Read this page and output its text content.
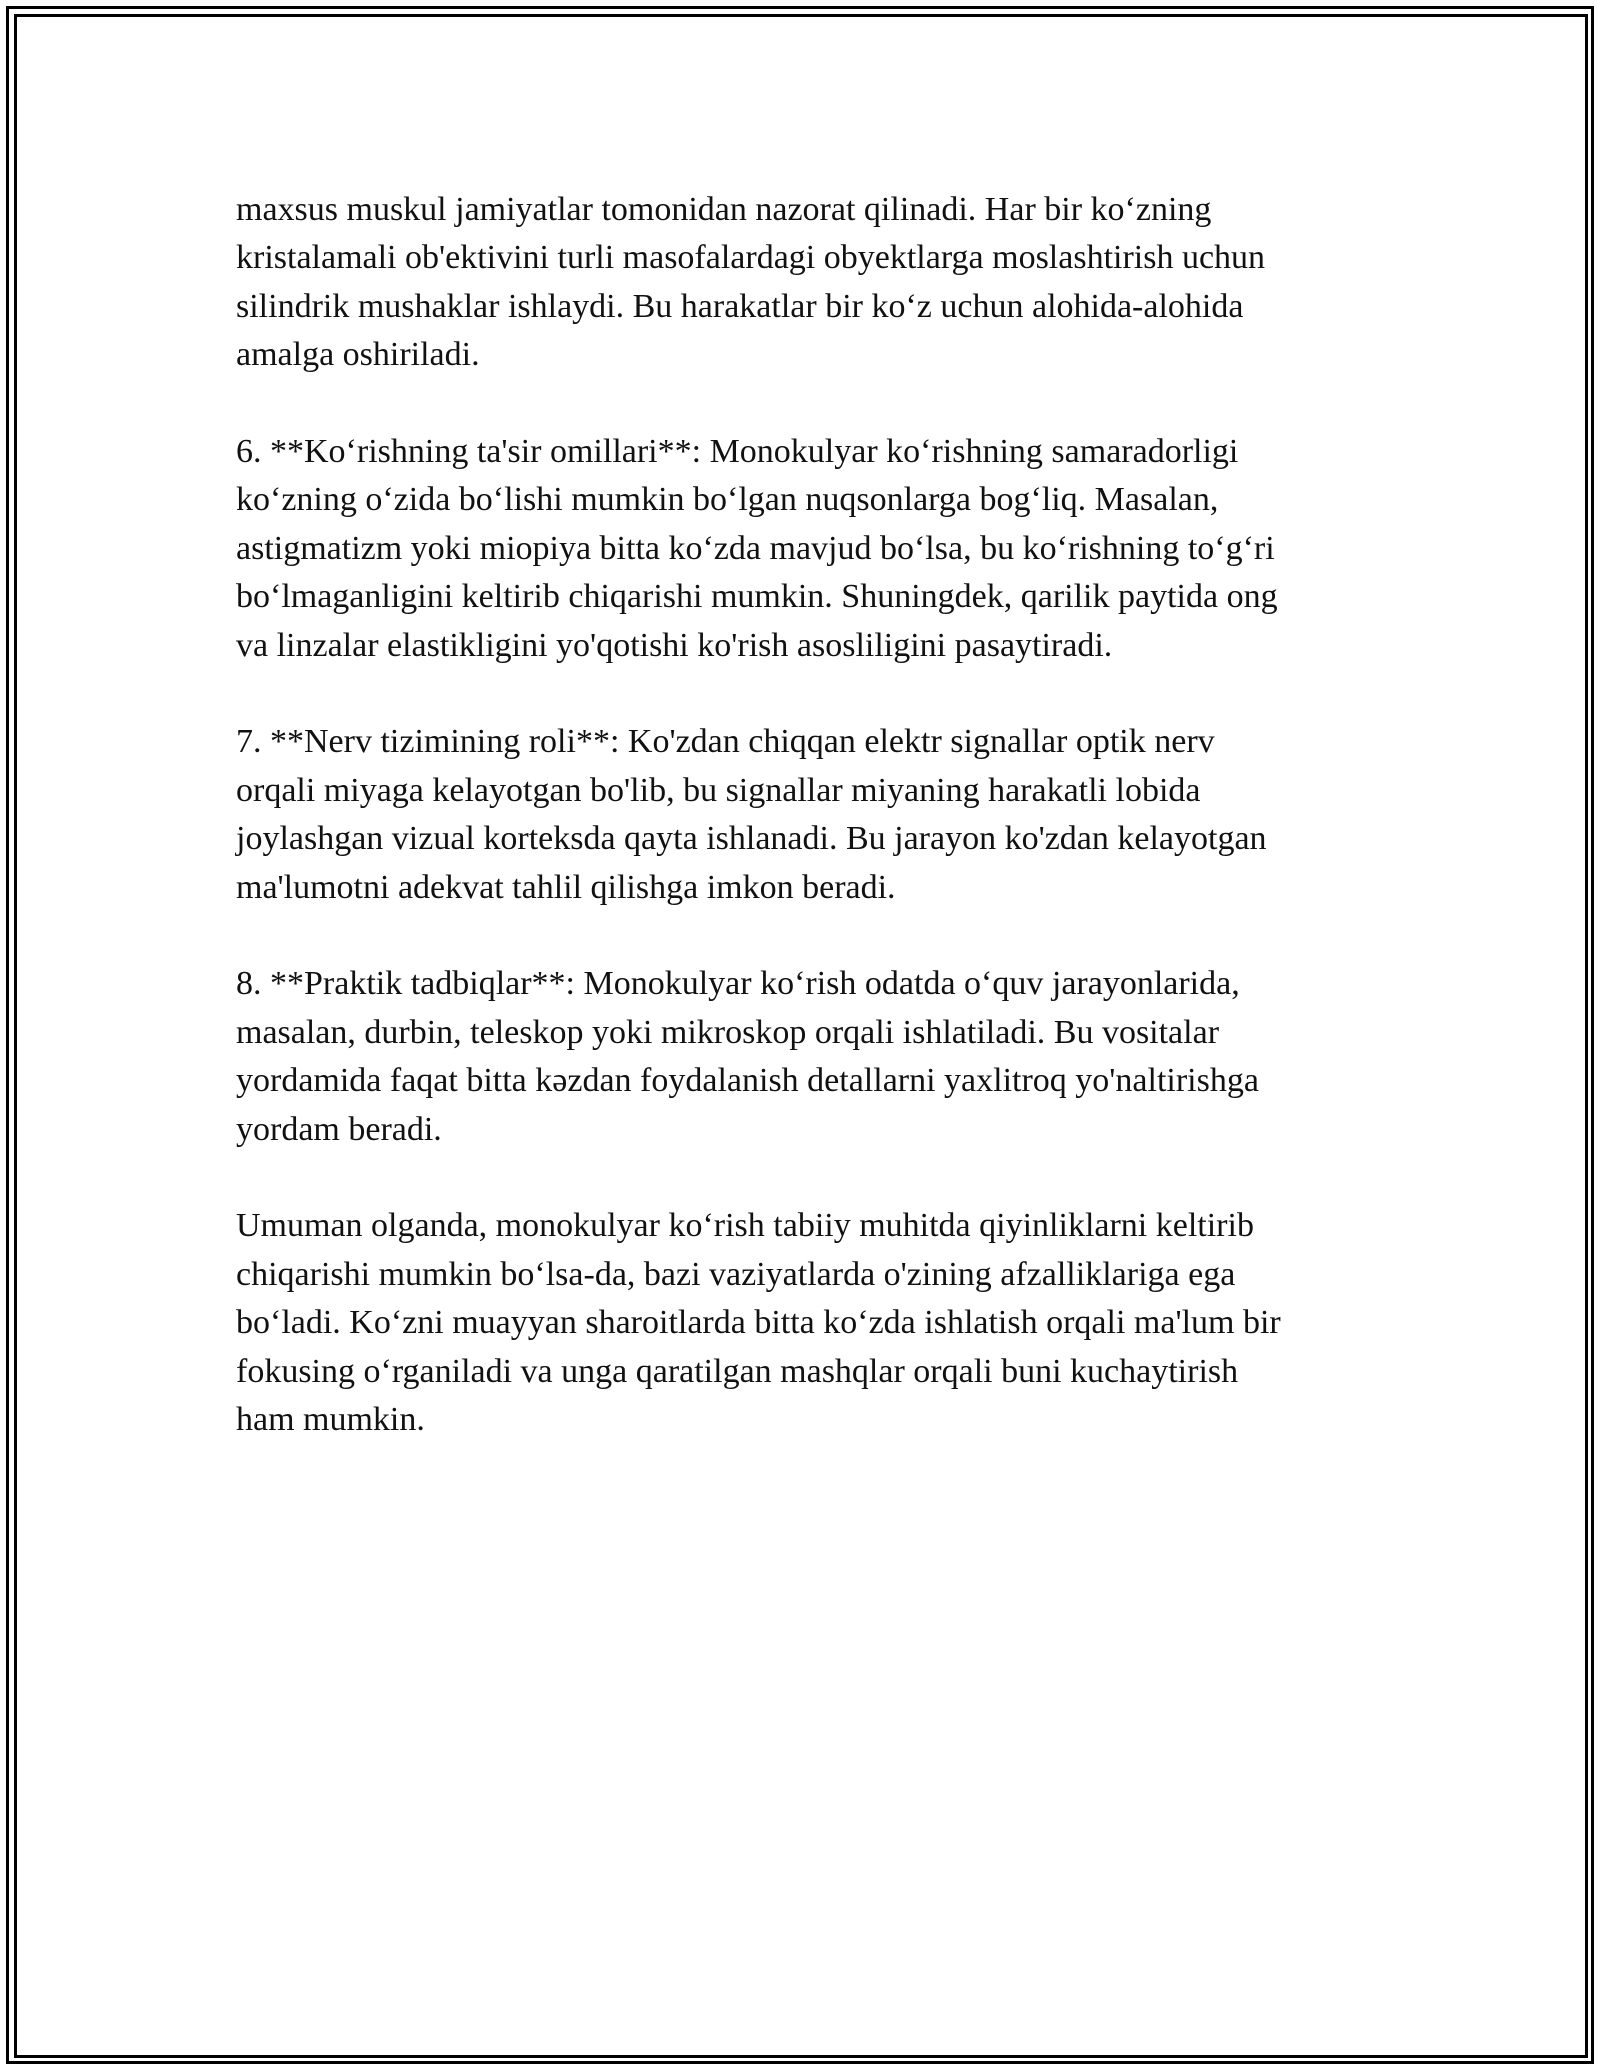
maxsus muskul jamiyatlar tomonidan nazorat qilinadi. Har bir koʻzning
kristalamali ob'ektivini turli masofalardagi obyektlarga moslashtirish uchun
silindrik mushaklar ishlaydi. Bu harakatlar bir koʻz uchun alohida-alohida
amalga oshiriladi.

6. **Koʻrishning ta'sir omillari**: Monokulyar koʻrishning samaradorligi
koʻzning oʻzida boʻlishi mumkin boʻlgan nuqsonlarga bogʻliq. Masalan,
astigmatizm yoki miopiya bitta koʻzda mavjud boʻlsa, bu koʻrishning toʻgʻri
boʻlmaganligini keltirib chiqarishi mumkin. Shuningdek, qarilik paytida ong
va linzalar elastikligini yo'qotishi ko'rish asosliligini pasaytiradi.

7. **Nerv tizimining roli**: Ko'zdan chiqqan elektr signallar optik nerv
orqali miyaga kelayotgan bo'lib, bu signallar miyaning harakatli lobida
joylashgan vizual korteksda qayta ishlanadi. Bu jarayon ko'zdan kelayotgan
ma'lumotni adekvat tahlil qilishga imkon beradi.

8. **Praktik tadbiqlar**: Monokulyar koʻrish odatda oʻquv jarayonlarida,
masalan, durbin, teleskop yoki mikroskop orqali ishlatiladi. Bu vositalar
yordamida faqat bitta kəzdan foydalanish detallarni yaxlitroq yo'naltirishga
yordam beradi.

Umuman olganda, monokulyar koʻrish tabiiy muhitda qiyinliklarni keltirib
chiqarishi mumkin boʻlsa-da, bazi vaziyatlarda o'zining afzalliklariga ega
boʻladi. Koʻzni muayyan sharoitlarda bitta koʻzda ishlatish orqali ma'lum bir
fokusing oʻrganiladi va unga qaratilgan mashqlar orqali buni kuchaytirish
ham mumkin.
